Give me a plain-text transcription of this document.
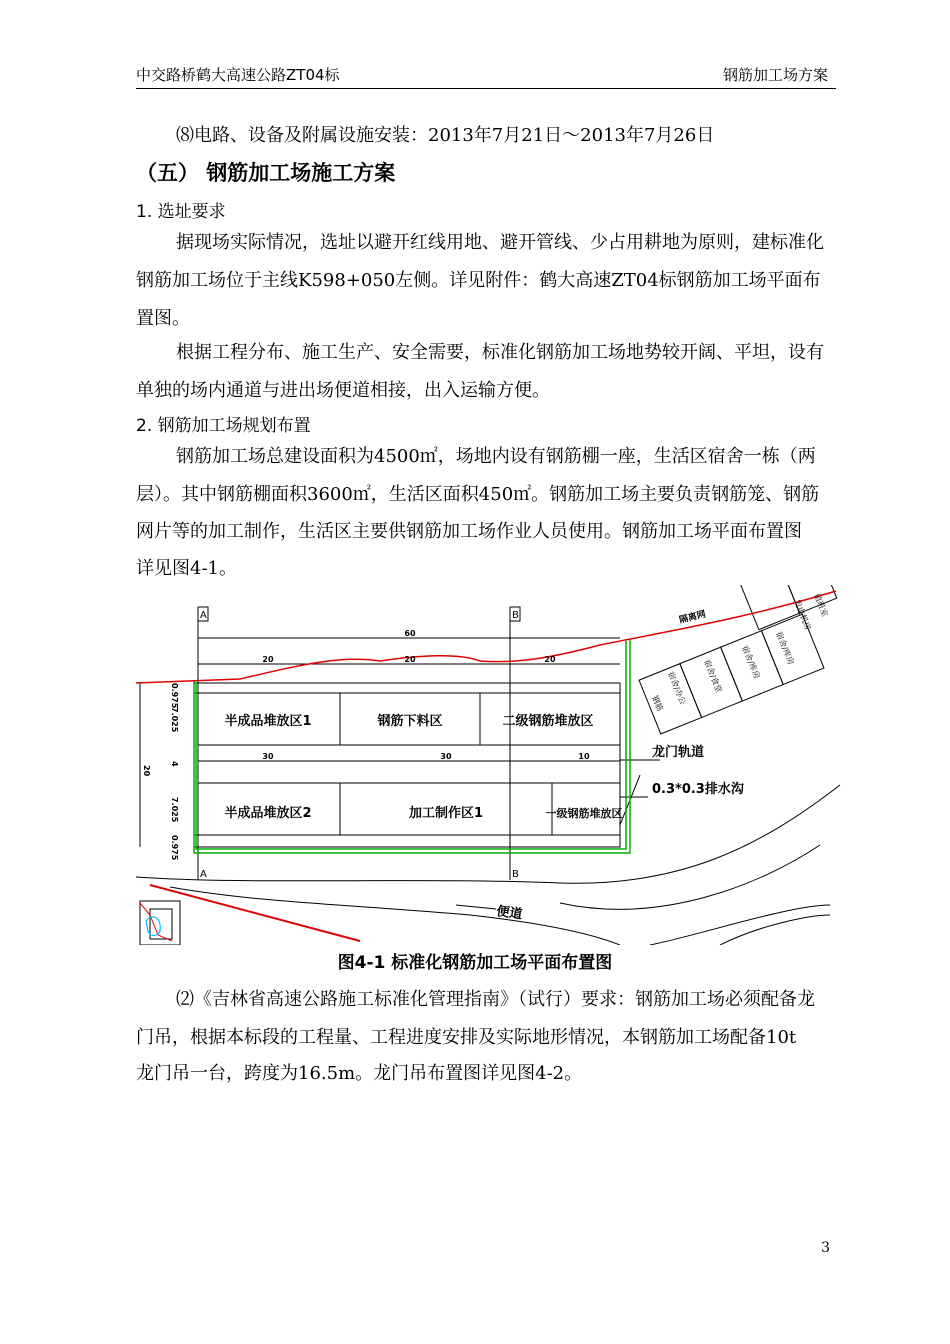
中交路桥鹤大高速公路ZT04标	钢筋加工场方案
⑻电路、设备及附属设施安装：2013年7月21日～2013年7月26日
（五） 钢筋加工场施工方案
1. 选址要求
据现场实际情况，选址以避开红线用地、避开管线、少占用耕地为原则，建标准化
钢筋加工场位于主线K598+050左侧。详见附件：鹤大高速ZT04标钢筋加工场平面布
置图。
根据工程分布、施工生产、安全需要，标准化钢筋加工场地势较开阔、平坦，设有
单独的场内通道与进出场便道相接，出入运输方便。
2. 钢筋加工场规划布置
钢筋加工场总建设面积为4500㎡，场地内设有钢筋棚一座，生活区宿舍一栋（两
层）。其中钢筋棚面积3600㎡，生活区面积450㎡。钢筋加工场主要负责钢筋笼、钢筋
网片等的加工制作，生活区主要供钢筋加工场作业人员使用。钢筋加工场平面布置图
详见图4-1。
半成品堆放区1	钢筋下料区	二级钢筋堆放区
半成品堆放区2	加工制作区1	一级钢筋堆放区
龙门轨道
0.3*0.3排水沟
便道
隔离网
A	B
A	B
60
20	20	20
30	30	10
20
0.975
7.025
4
7.025
0.975
钢筋 宿舍/办公 宿舍/食堂 宿舍/库房 宿舍/库房
发电机房 值班室
图4-1 标准化钢筋加工场平面布置图
⑵《吉林省高速公路施工标准化管理指南》（试行）要求：钢筋加工场必须配备龙
门吊，根据本标段的工程量、工程进度安排及实际地形情况，本钢筋加工场配备10t
龙门吊一台，跨度为16.5m。龙门吊布置图详见图4-2。
3
